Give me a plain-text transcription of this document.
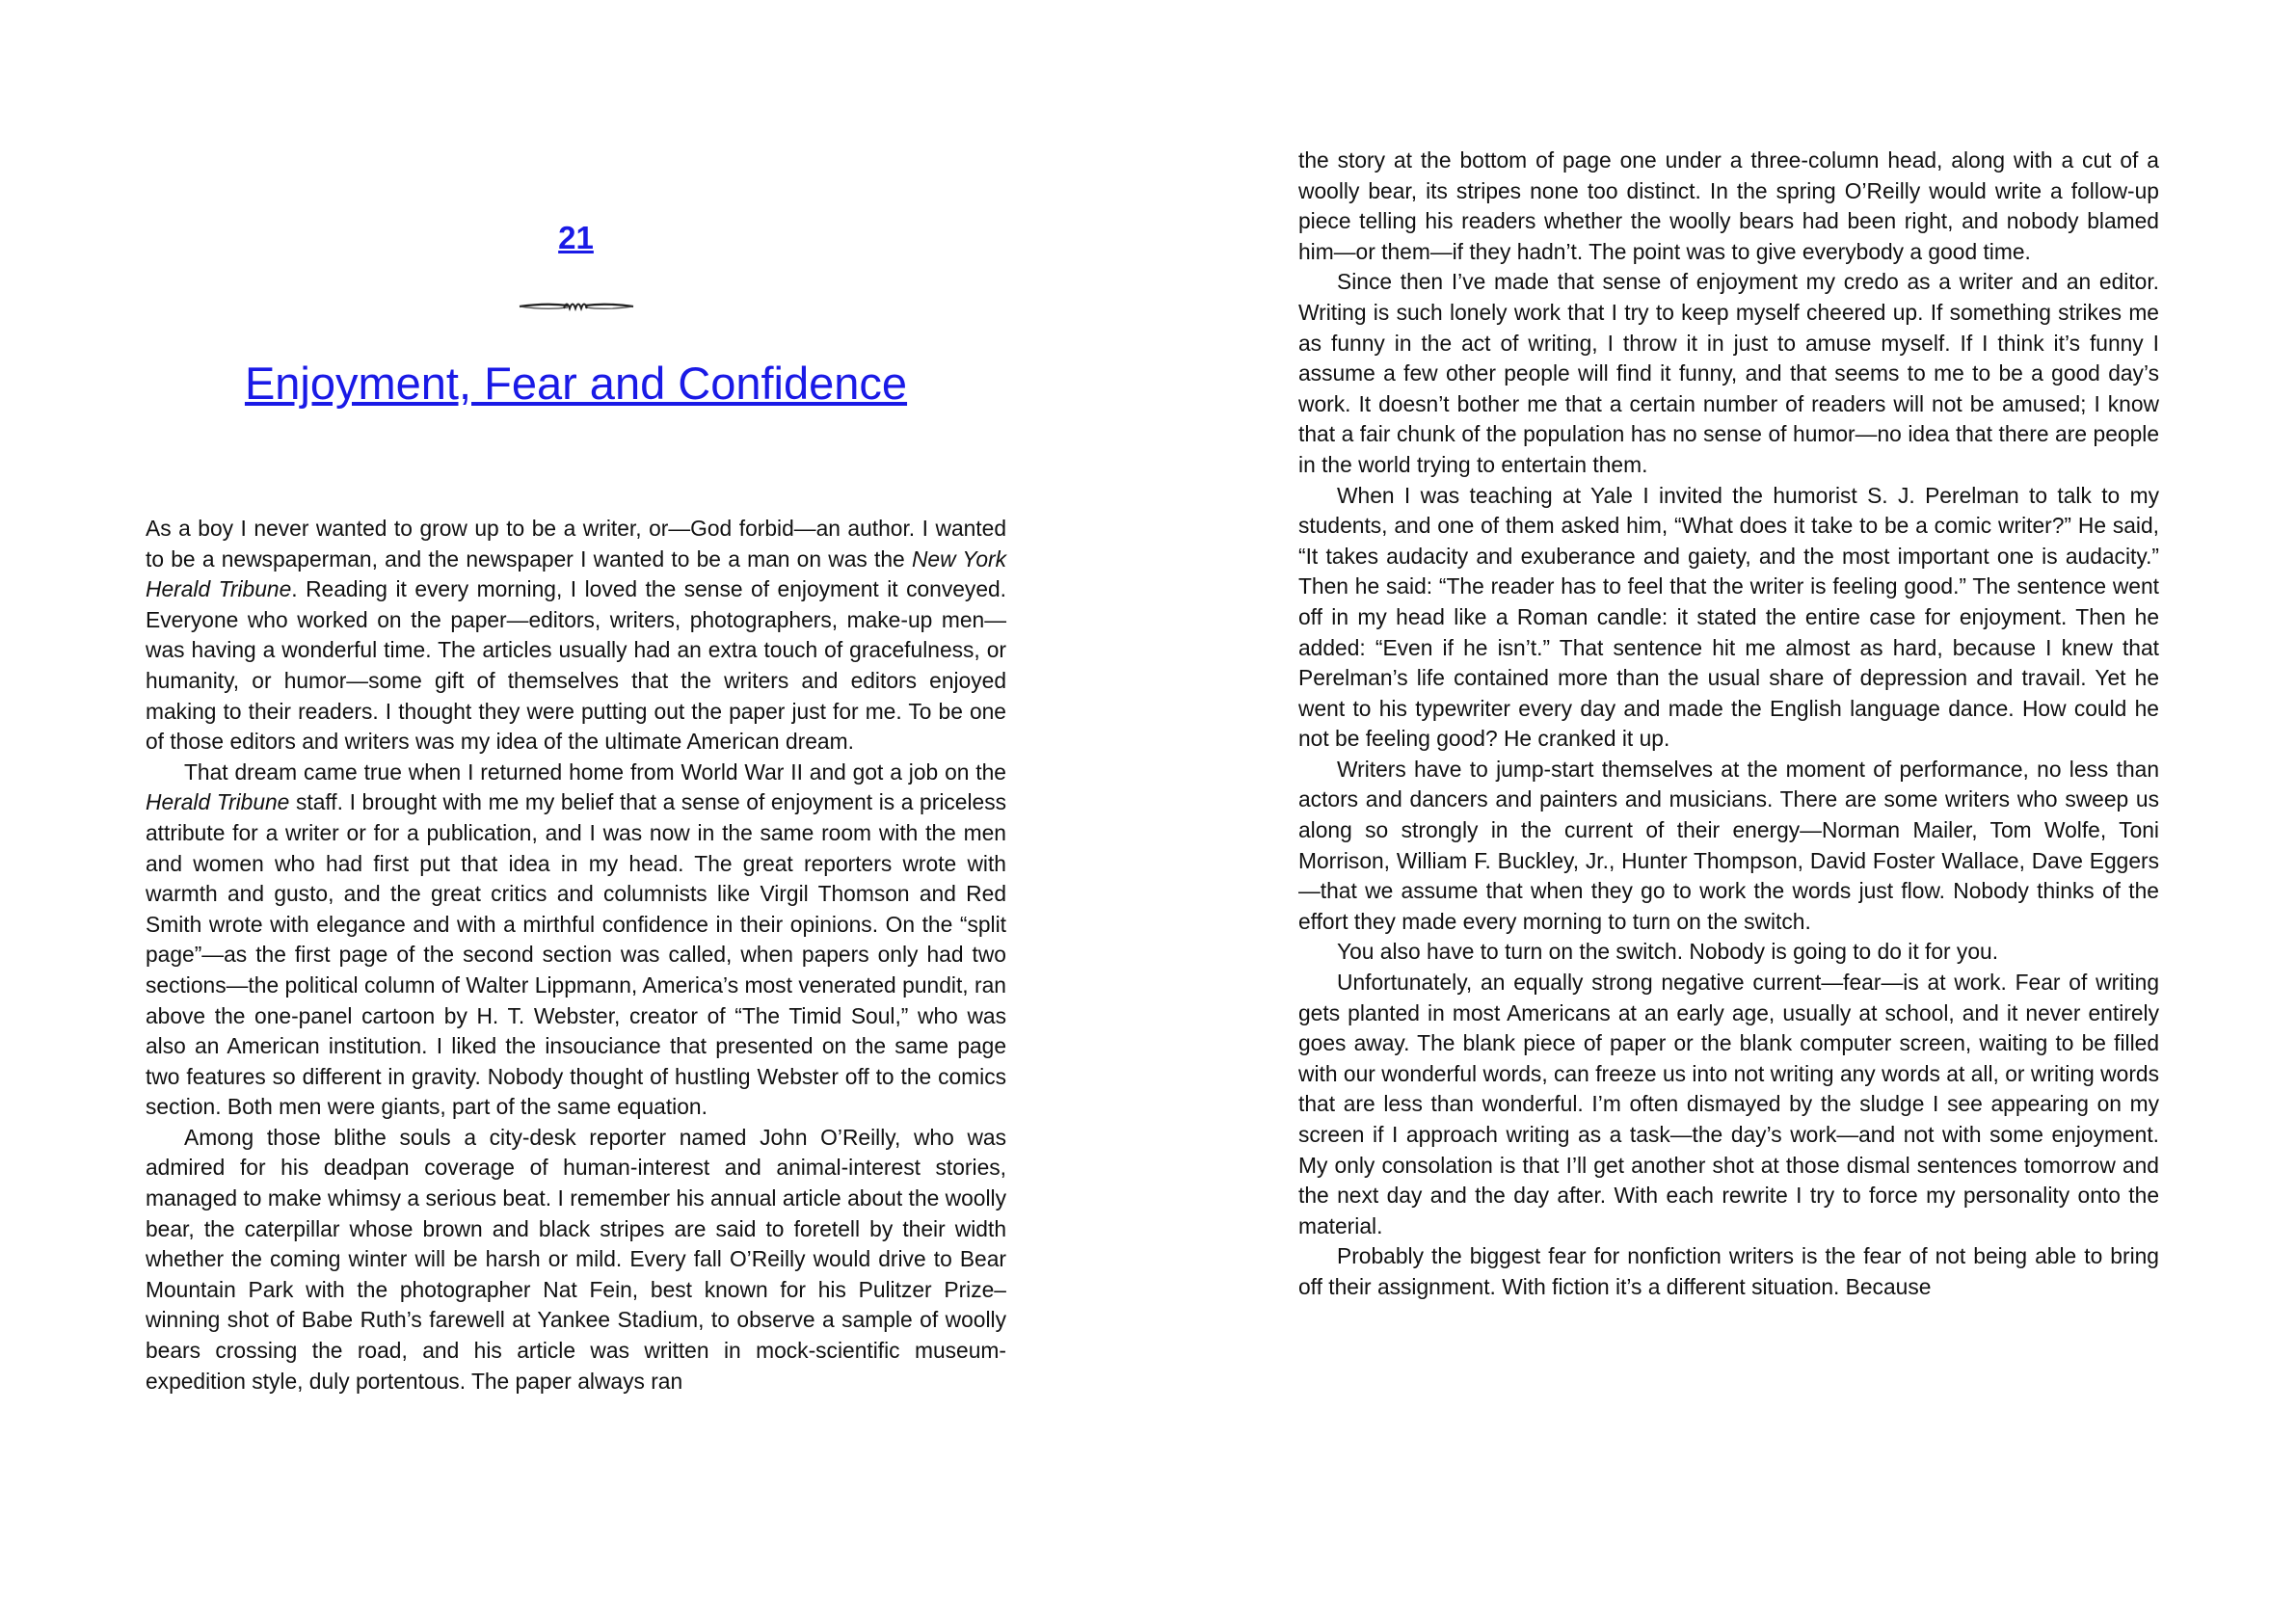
21
Enjoyment, Fear and Confidence

As a boy I never wanted to grow up to be a writer, or—God forbid—an author. I wanted to be a newspaperman, and the newspaper I wanted to be a man on was the New York Herald Tribune. Reading it every morning, I loved the sense of enjoyment it conveyed. Everyone who worked on the paper—editors, writers, photographers, make-up men—was having a wonderful time. The articles usually had an extra touch of gracefulness, or humanity, or humor—some gift of themselves that the writers and editors enjoyed making to their readers. I thought they were putting out the paper just for me. To be one of those editors and writers was my idea of the ultimate American dream.

That dream came true when I returned home from World War II and got a job on the Herald Tribune staff. I brought with me my belief that a sense of enjoyment is a priceless attribute for a writer or for a publication, and I was now in the same room with the men and women who had first put that idea in my head. The great reporters wrote with warmth and gusto, and the great critics and columnists like Virgil Thomson and Red Smith wrote with elegance and with a mirthful confidence in their opinions. On the “split page”—as the first page of the second section was called, when papers only had two sections—the political column of Walter Lippmann, America’s most venerated pundit, ran above the one-panel cartoon by H. T. Webster, creator of “The Timid Soul,” who was also an American institution. I liked the insouciance that presented on the same page two features so different in gravity. Nobody thought of hustling Webster off to the comics section. Both men were giants, part of the same equation.

Among those blithe souls a city-desk reporter named John O’Reilly, who was admired for his deadpan coverage of human-interest and animal-interest stories, managed to make whimsy a serious beat. I remember his annual article about the woolly bear, the caterpillar whose brown and black stripes are said to foretell by their width whether the coming winter will be harsh or mild. Every fall O’Reilly would drive to Bear Mountain Park with the photographer Nat Fein, best known for his Pulitzer Prize–winning shot of Babe Ruth’s farewell at Yankee Stadium, to observe a sample of woolly bears crossing the road, and his article was written in mock-scientific museum-expedition style, duly portentous. The paper always ran

the story at the bottom of page one under a three-column head, along with a cut of a woolly bear, its stripes none too distinct. In the spring O’Reilly would write a follow-up piece telling his readers whether the woolly bears had been right, and nobody blamed him—or them—if they hadn’t. The point was to give everybody a good time.

Since then I’ve made that sense of enjoyment my credo as a writer and an editor. Writing is such lonely work that I try to keep myself cheered up. If something strikes me as funny in the act of writing, I throw it in just to amuse myself. If I think it’s funny I assume a few other people will find it funny, and that seems to me to be a good day’s work. It doesn’t bother me that a certain number of readers will not be amused; I know that a fair chunk of the population has no sense of humor—no idea that there are people in the world trying to entertain them.

When I was teaching at Yale I invited the humorist S. J. Perelman to talk to my students, and one of them asked him, “What does it take to be a comic writer?” He said, “It takes audacity and exuberance and gaiety, and the most important one is audacity.” Then he said: “The reader has to feel that the writer is feeling good.” The sentence went off in my head like a Roman candle: it stated the entire case for enjoyment. Then he added: “Even if he isn’t.” That sentence hit me almost as hard, because I knew that Perelman’s life contained more than the usual share of depression and travail. Yet he went to his typewriter every day and made the English language dance. How could he not be feeling good? He cranked it up.

Writers have to jump-start themselves at the moment of performance, no less than actors and dancers and painters and musicians. There are some writers who sweep us along so strongly in the current of their energy—Norman Mailer, Tom Wolfe, Toni Morrison, William F. Buckley, Jr., Hunter Thompson, David Foster Wallace, Dave Eggers—that we assume that when they go to work the words just flow. Nobody thinks of the effort they made every morning to turn on the switch.

You also have to turn on the switch. Nobody is going to do it for you.

Unfortunately, an equally strong negative current—fear—is at work. Fear of writing gets planted in most Americans at an early age, usually at school, and it never entirely goes away. The blank piece of paper or the blank computer screen, waiting to be filled with our wonderful words, can freeze us into not writing any words at all, or writing words that are less than wonderful. I’m often dismayed by the sludge I see appearing on my screen if I approach writing as a task—the day’s work—and not with some enjoyment. My only consolation is that I’ll get another shot at those dismal sentences tomorrow and the next day and the day after. With each rewrite I try to force my personality onto the material.

Probably the biggest fear for nonfiction writers is the fear of not being able to bring off their assignment. With fiction it’s a different situation. Because
